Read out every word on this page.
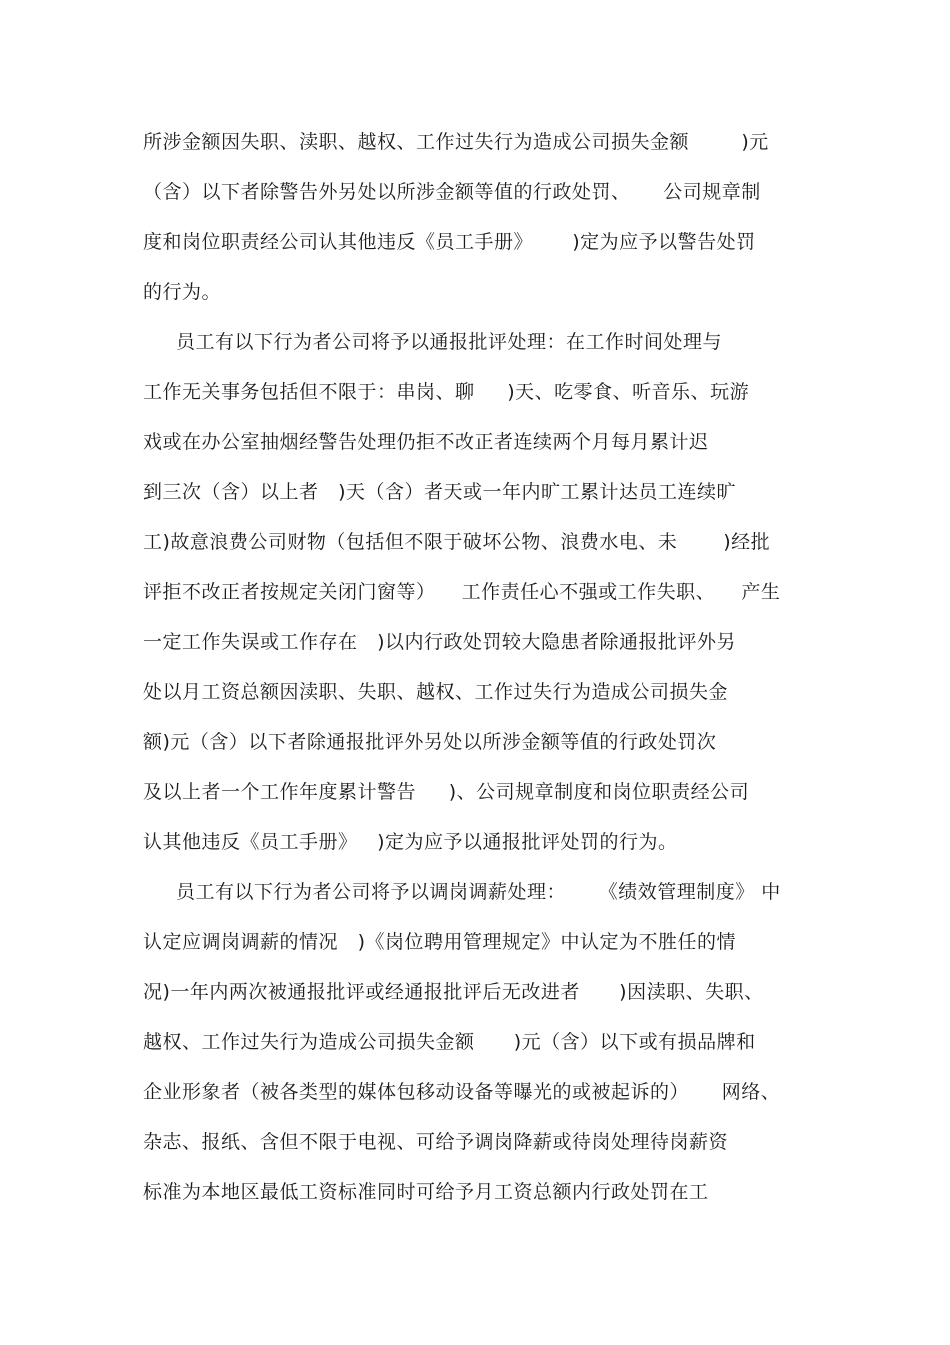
所涉金额因失职、渎职、越权、工作过失行为造成公司损失金额        )元
（含）以下者除警告外另处以所涉金额等值的行政处罚、     公司规章制
度和岗位职责经公司认其他违反《员工手册》      )定为应予以警告处罚
的行为。
员工有以下行为者公司将予以通报批评处理：在工作时间处理与
工作无关事务包括但不限于：串岗、聊     )天、吃零食、听音乐、玩游
戏或在办公室抽烟经警告处理仍拒不改正者连续两个月每月累计迟
到三次（含）以上者   )天（含）者天或一年内旷工累计达员工连续旷
工)故意浪费公司财物（包括但不限于破坏公物、浪费水电、未       )经批
评拒不改正者按规定关闭门窗等）    工作责任心不强或工作失职、    产生
一定工作失误或工作存在   )以内行政处罚较大隐患者除通报批评外另
处以月工资总额因渎职、失职、越权、工作过失行为造成公司损失金
额)元（含）以下者除通报批评外另处以所涉金额等值的行政处罚次
及以上者一个工作年度累计警告     )、公司规章制度和岗位职责经公司
认其他违反《员工手册》   )定为应予以通报批评处罚的行为。
员工有以下行为者公司将予以调岗调薪处理：     《绩效管理制度》 中
认定应调岗调薪的情况   )《岗位聘用管理规定》中认定为不胜任的情
况)一年内两次被通报批评或经通报批评后无改进者      )因渎职、失职、
越权、工作过失行为造成公司损失金额      )元（含）以下或有损品牌和
企业形象者（被各类型的媒体包移动设备等曝光的或被起诉的）     网络、
杂志、报纸、含但不限于电视、可给予调岗降薪或待岗处理待岗薪资
标准为本地区最低工资标准同时可给予月工资总额内行政处罚在工
